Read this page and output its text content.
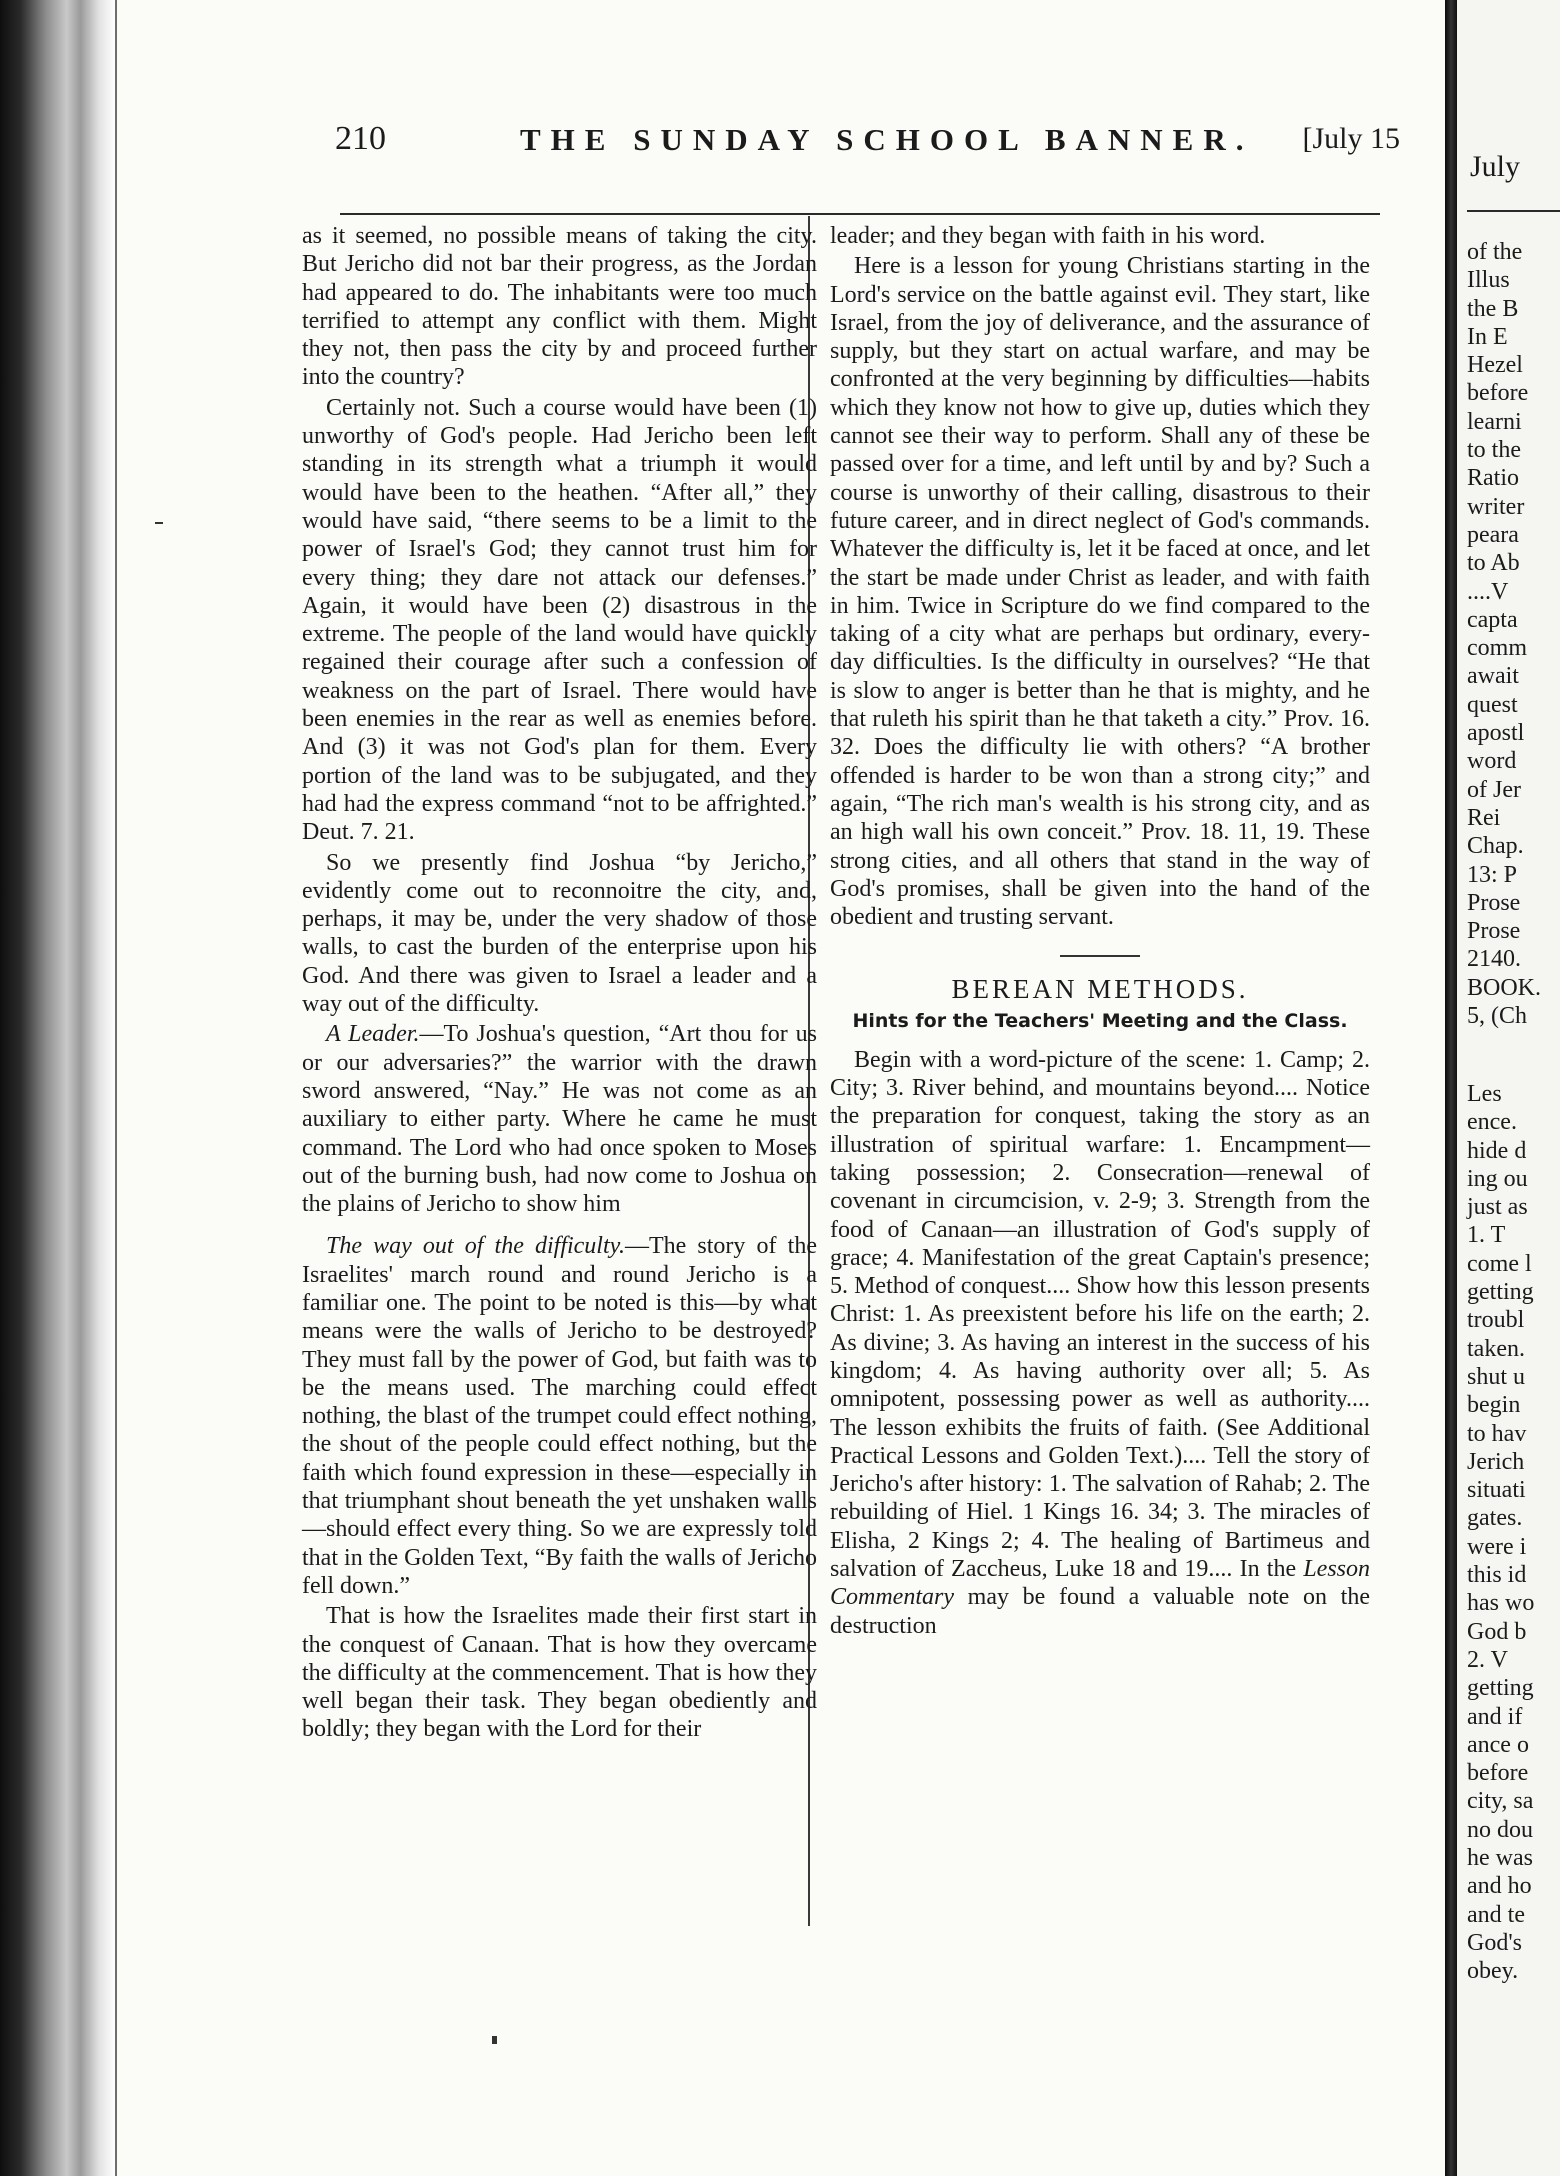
210	THE SUNDAY SCHOOL BANNER. [July 15

as it seemed, no possible means of taking the city. But Jericho did not bar their progress, as the Jordan had appeared to do. The inhabitants were too much terrified to attempt any conflict with them. Might they not, then pass the city by and proceed further into the country?

Certainly not. Such a course would have been (1) unworthy of God's people. Had Jericho been left standing in its strength what a triumph it would would have been to the heathen. “After all,” they would have said, “there seems to be a limit to the power of Israel's God; they cannot trust him for every thing; they dare not attack our defenses.” Again, it would have been (2) disastrous in the extreme. The people of the land would have quickly regained their courage after such a confession of weakness on the part of Israel. There would have been enemies in the rear as well as enemies before. And (3) it was not God's plan for them. Every portion of the land was to be subjugated, and they had had the express command “not to be affrighted.” Deut. 7. 21.

So we presently find Joshua “by Jericho,” evidently come out to reconnoitre the city, and, perhaps, it may be, under the very shadow of those walls, to cast the burden of the enterprise upon his God. And there was given to Israel a leader and a way out of the difficulty.

A Leader.—To Joshua's question, “Art thou for us or our adversaries?” the warrior with the drawn sword answered, “Nay.” He was not come as an auxiliary to either party. Where he came he must command. The Lord who had once spoken to Moses out of the burning bush, had now come to Joshua on the plains of Jericho to show him

The way out of the difficulty.—The story of the Israelites' march round and round Jericho is a familiar one. The point to be noted is this—by what means were the walls of Jericho to be destroyed? They must fall by the power of God, but faith was to be the means used. The marching could effect nothing, the blast of the trumpet could effect nothing, the shout of the people could effect nothing, but the faith which found expression in these—especially in that triumphant shout beneath the yet unshaken walls—should effect every thing. So we are expressly told that in the Golden Text, “By faith the walls of Jericho fell down.”

That is how the Israelites made their first start in the conquest of Canaan. That is how they overcame the difficulty at the commencement. That is how they well began their task. They began obediently and boldly; they began with the Lord for their

leader; and they began with faith in his word.

Here is a lesson for young Christians starting in the Lord's service on the battle against evil. They start, like Israel, from the joy of deliverance, and the assurance of supply, but they start on actual warfare, and may be confronted at the very beginning by difficulties—habits which they know not how to give up, duties which they cannot see their way to perform. Shall any of these be passed over for a time, and left until by and by? Such a course is unworthy of their calling, disastrous to their future career, and in direct neglect of God's commands. Whatever the difficulty is, let it be faced at once, and let the start be made under Christ as leader, and with faith in him. Twice in Scripture do we find compared to the taking of a city what are perhaps but ordinary, every-day difficulties. Is the difficulty in ourselves? “He that is slow to anger is better than he that is mighty, and he that ruleth his spirit than he that taketh a city.” Prov. 16. 32. Does the difficulty lie with others? “A brother offended is harder to be won than a strong city;” and again, “The rich man's wealth is his strong city, and as an high wall his own conceit.” Prov. 18. 11, 19. These strong cities, and all others that stand in the way of God's promises, shall be given into the hand of the obedient and trusting servant.

BEREAN METHODS.
Hints for the Teachers' Meeting and the Class.

Begin with a word-picture of the scene: 1. Camp; 2. City; 3. River behind, and mountains beyond.... Notice the preparation for conquest, taking the story as an illustration of spiritual warfare: 1. Encampment—taking possession; 2. Consecration—renewal of covenant in circumcision, v. 2-9; 3. Strength from the food of Canaan—an illustration of God's supply of grace; 4. Manifestation of the great Captain's presence; 5. Method of conquest.... Show how this lesson presents Christ: 1. As preexistent before his life on the earth; 2. As divine; 3. As having an interest in the success of his kingdom; 4. As having authority over all; 5. As omnipotent, possessing power as well as authority.... The lesson exhibits the fruits of faith. (See Additional Practical Lessons and Golden Text.).... Tell the story of Jericho's after history: 1. The salvation of Rahab; 2. The rebuilding of Hiel. 1 Kings 16. 34; 3. The miracles of Elisha, 2 Kings 2; 4. The healing of Bartimeus and salvation of Zaccheus, Luke 18 and 19.... In the Lesson Commentary may be found a valuable note on the destruction

July
of the
Illus
the B
In E
Hezel
before
learni
to the
Ratio
writer
peara
to Ab
....V
capta
comm
await
quest
apostl
word
of Jer
Rei
Chap.
13: P
Prose
Prose
2140.
BOOK.
5, (Ch
Les
ence.
hide d
ing ou
just as
1. T
come l
getting
troubl
taken.
shut u
begin
to hav
Jerich
situati
gates.
were i
this id
has wo
God b
2. V
getting
and if
ance o
before
city, sa
no dou
he was
and ho
and te
God's
obey.
